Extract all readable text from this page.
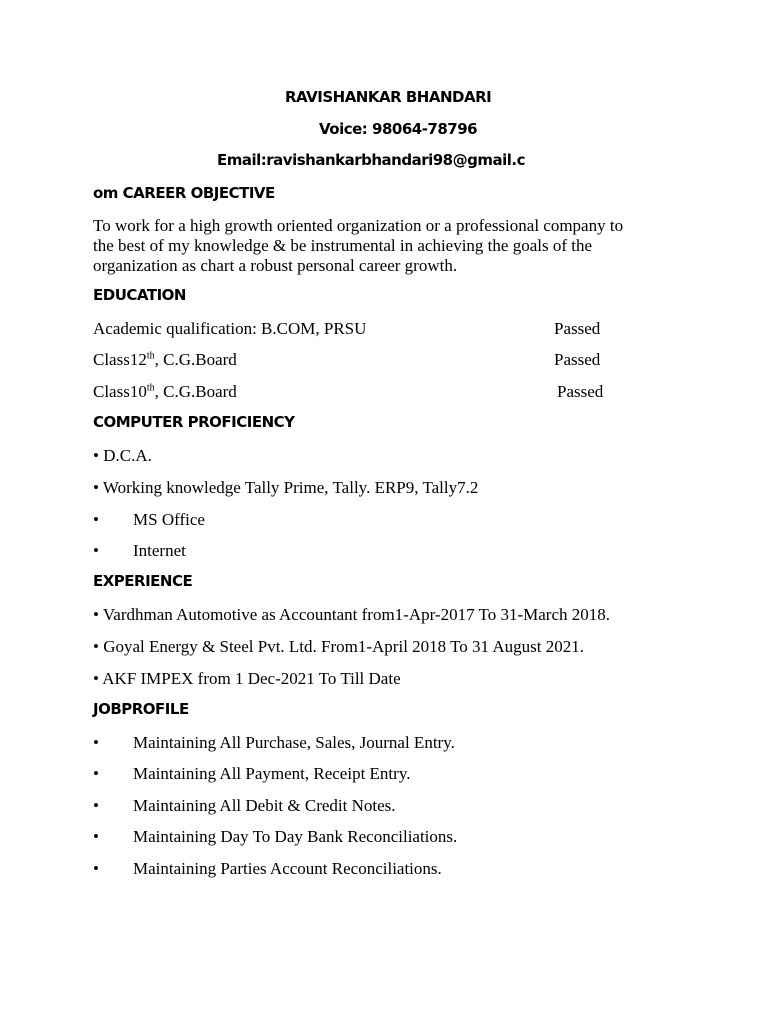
RAVISHANKAR BHANDARI
Voice: 98064-78796
Email:ravishankarbhandari98@gmail.c
om CAREER OBJECTIVE
To work for a high growth oriented organization or a professional company to
the best of my knowledge & be instrumental in achieving the goals of the
organization as chart a robust personal career growth.
EDUCATION
Academic qualification: B.COM, PRSU	Passed
Class12th, C.G.Board	Passed
Class10th, C.G.Board	Passed
COMPUTER PROFICIENCY
• D.C.A.
• Working knowledge Tally Prime, Tally. ERP9, Tally7.2
• MS Office
• Internet
EXPERIENCE
• Vardhman Automotive as Accountant from1-Apr-2017 To 31-March 2018.
• Goyal Energy & Steel Pvt. Ltd. From1-April 2018 To 31 August 2021.
• AKF IMPEX from 1 Dec-2021 To Till Date
JOBPROFILE
• Maintaining All Purchase, Sales, Journal Entry.
• Maintaining All Payment, Receipt Entry.
• Maintaining All Debit & Credit Notes.
• Maintaining Day To Day Bank Reconciliations.
• Maintaining Parties Account Reconciliations.
